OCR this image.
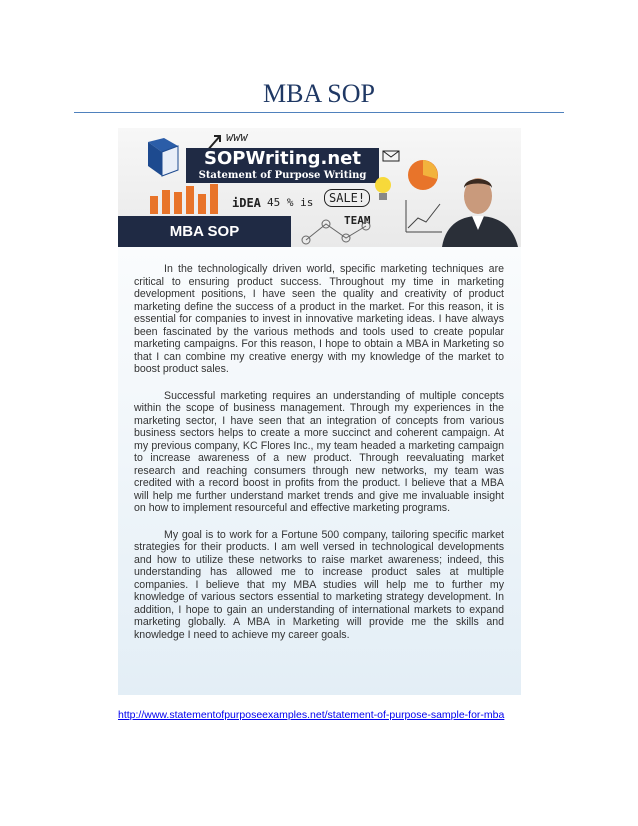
MBA SOP
www
SOPWriting.net
Statement of Purpose Writing
iDEA 45 % is	SALE!
TEAM
MBA SOP

In the technologically driven world, specific marketing techniques are critical to ensuring product success. Throughout my time in marketing development positions, I have seen the quality and creativity of product marketing define the success of a product in the market. For this reason, it is essential for companies to invest in innovative marketing ideas. I have always been fascinated by the various methods and tools used to create popular marketing campaigns. For this reason, I hope to obtain a MBA in Marketing so that I can combine my creative energy with my knowledge of the market to boost product sales.

Successful marketing requires an understanding of multiple concepts within the scope of business management. Through my experiences in the marketing sector, I have seen that an integration of concepts from various business sectors helps to create a more succinct and coherent campaign. At my previous company, KC Flores Inc., my team headed a marketing campaign to increase awareness of a new product. Through reevaluating market research and reaching consumers through new networks, my team was credited with a record boost in profits from the product. I believe that a MBA will help me further understand market trends and give me invaluable insight on how to implement resourceful and effective marketing programs.

My goal is to work for a Fortune 500 company, tailoring specific market strategies for their products. I am well versed in technological developments and how to utilize these networks to raise market awareness; indeed, this understanding has allowed me to increase product sales at multiple companies. I believe that my MBA studies will help me to further my knowledge of various sectors essential to marketing strategy development. In addition, I hope to gain an understanding of international markets to expand marketing globally. A MBA in Marketing will provide me the skills and knowledge I need to achieve my career goals.

http://www.statementofpurposeexamples.net/statement-of-purpose-sample-for-mba
